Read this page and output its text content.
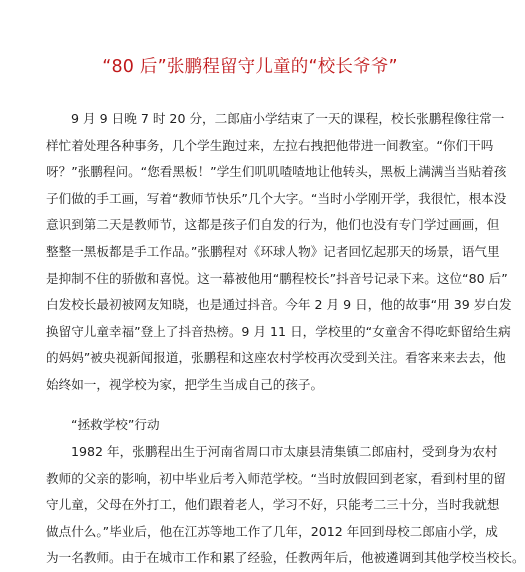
“80 后”张鹏程留守儿童的“校长爷爷”
9 月 9 日晚 7 时 20 分，二郎庙小学结束了一天的课程，校长张鹏程像往常一
样忙着处理各种事务，几个学生跑过来，左拉右拽把他带进一间教室。“你们干吗
呀？”张鹏程问。“您看黑板！”学生们叽叽喳喳地让他转头，黑板上满满当当贴着孩
子们做的手工画，写着“教师节快乐”几个大字。“当时小学刚开学，我很忙，根本没
意识到第二天是教师节，这都是孩子们自发的行为，他们也没有专门学过画画，但
整整一黑板都是手工作品。”张鹏程对《环球人物》记者回忆起那天的场景，语气里
是抑制不住的骄傲和喜悦。这一幕被他用“鹏程校长”抖音号记录下来。这位“80 后”
白发校长最初被网友知晓，也是通过抖音。今年 2 月 9 日，他的故事“用 39 岁白发
换留守儿童幸福”登上了抖音热榜。9 月 11 日，学校里的“女童舍不得吃虾留给生病
的妈妈”被央视新闻报道，张鹏程和这座农村学校再次受到关注。看客来来去去，他
始终如一，视学校为家，把学生当成自己的孩子。
“拯救学校”行动
1982 年，张鹏程出生于河南省周口市太康县清集镇二郎庙村，受到身为农村
教师的父亲的影响，初中毕业后考入师范学校。“当时放假回到老家，看到村里的留
守儿童，父母在外打工，他们跟着老人，学习不好，只能考二三十分，当时我就想
做点什么。”毕业后，他在江苏等地工作了几年，2012 年回到母校二郎庙小学，成
为一名教师。由于在城市工作和累了经验，任教两年后，他被遴调到其他学校当校长。
